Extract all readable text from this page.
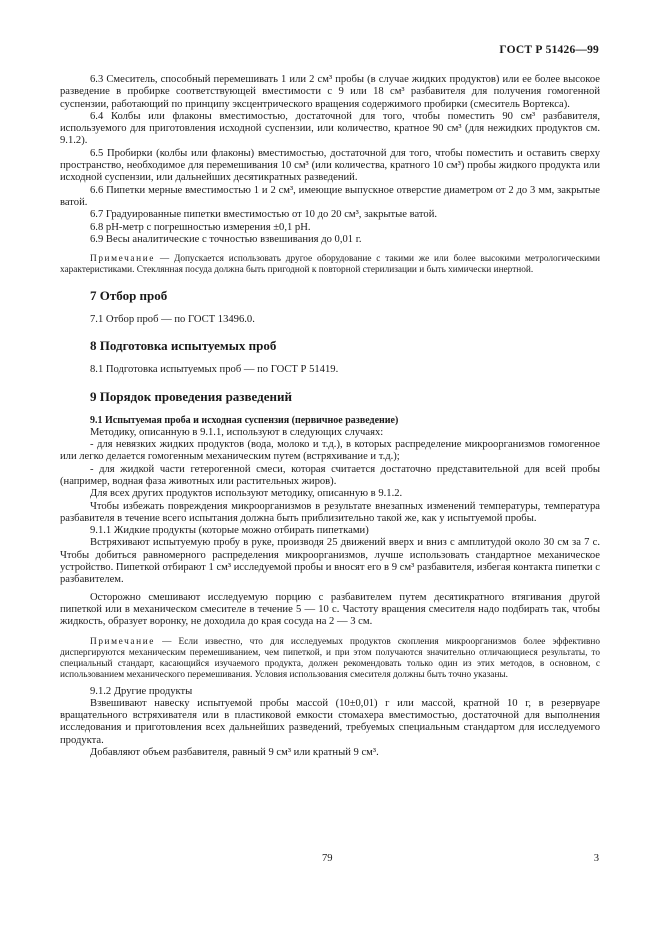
ГОСТ Р 51426—99

6.3 Смеситель, способный перемешивать 1 или 2 см³ пробы (в случае жидких продуктов) или ее более высокое разведение в пробирке соответствующей вместимости с 9 или 18 см³ разбавителя для получения гомогенной суспензии, работающий по принципу эксцентрического вращения содержимого пробирки (смеситель Вортекса).

6.4 Колбы или флаконы вместимостью, достаточной для того, чтобы поместить 90 см³ разбавителя, используемого для приготовления исходной суспензии, или количество, кратное 90 см³ (для нежидких продуктов см. 9.1.2).

6.5 Пробирки (колбы или флаконы) вместимостью, достаточной для того, чтобы поместить и оставить сверху пространство, необходимое для перемешивания 10 см³ (или количества, кратного 10 см³) пробы жидкого продукта или исходной суспензии, или дальнейших десятикратных разведений.

6.6 Пипетки мерные вместимостью 1 и 2 см³, имеющие выпускное отверстие диаметром от 2 до 3 мм, закрытые ватой.

6.7 Градуированные пипетки вместимостью от 10 до 20 см³, закрытые ватой.

6.8 pH-метр с погрешностью измерения ±0,1 pH.

6.9 Весы аналитические с точностью взвешивания до 0,01 г.

Примечание — Допускается использовать другое оборудование с такими же или более высокими метрологическими характеристиками. Стеклянная посуда должна быть пригодной к повторной стерилизации и быть химически инертной.

7 Отбор проб

7.1 Отбор проб — по ГОСТ 13496.0.

8 Подготовка испытуемых проб

8.1 Подготовка испытуемых проб — по ГОСТ Р 51419.

9 Порядок проведения разведений
9.1 Испытуемая проба и исходная суспензия (первичное разведение)

Методику, описанную в 9.1.1, используют в следующих случаях:

- для невязких жидких продуктов (вода, молоко и т.д.), в которых распределение микроорганизмов гомогенное или легко делается гомогенным механическим путем (встряхивание и т.д.);

- для жидкой части гетерогенной смеси, которая считается достаточно представительной для всей пробы (например, водная фаза животных или растительных жиров).

Для всех других продуктов используют методику, описанную в 9.1.2.

Чтобы избежать повреждения микроорганизмов в результате внезапных изменений температуры, температура разбавителя в течение всего испытания должна быть приблизительно такой же, как у испытуемой пробы.

9.1.1 Жидкие продукты (которые можно отбирать пипетками)

Встряхивают испытуемую пробу в руке, производя 25 движений вверх и вниз с амплитудой около 30 см за 7 с. Чтобы добиться равномерного распределения микроорганизмов, лучше использовать стандартное механическое устройство. Пипеткой отбирают 1 см³ исследуемой пробы и вносят его в 9 см³ разбавителя, избегая контакта пипетки с разбавителем.

Осторожно смешивают исследуемую порцию с разбавителем путем десятикратного втягивания другой пипеткой или в механическом смесителе в течение 5 — 10 с. Частоту вращения смесителя надо подбирать так, чтобы жидкость, образует воронку, не доходила до края сосуда на 2 — 3 см.

Примечание — Если известно, что для исследуемых продуктов скопления микроорганизмов более эффективно диспергируются механическим перемешиванием, чем пипеткой, и при этом получаются значительно отличающиеся результаты, то специальный стандарт, касающийся изучаемого продукта, должен рекомендовать только один из этих методов, в основном, с использованием механического перемешивания. Условия использования смесителя должны быть точно указаны.

9.1.2 Другие продукты

Взвешивают навеску испытуемой пробы массой (10±0,01) г или массой, кратной 10 г, в резервуаре вращательного встряхивателя или в пластиковой емкости стомахера вместимостью, достаточной для выполнения исследования и приготовления всех дальнейших разведений, требуемых специальным стандартом для исследуемого продукта.

Добавляют объем разбавителя, равный 9 см³ или кратный 9 см³.

79	3
